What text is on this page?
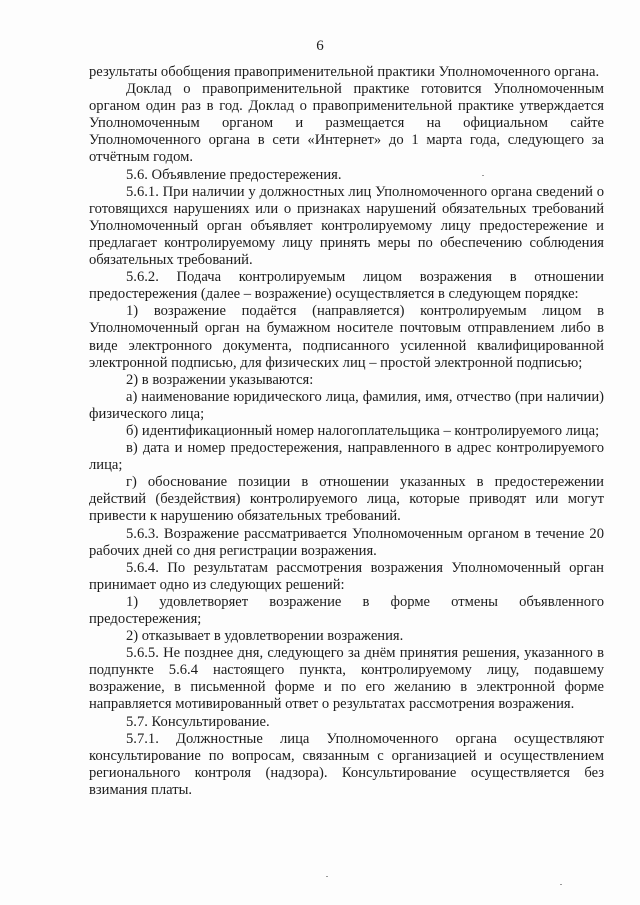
6

результаты обобщения правоприменительной практики Уполномоченного органа.

Доклад о правоприменительной практике готовится Уполномоченным органом один раз в год. Доклад о правоприменительной практике утверждается Уполномоченным органом и размещается на официальном сайте Уполномоченного органа в сети «Интернет» до 1 марта года, следующего за отчётным годом.

5.6. Объявление предостережения.

5.6.1. При наличии у должностных лиц Уполномоченного органа сведений о готовящихся нарушениях или о признаках нарушений обязательных требований Уполномоченный орган объявляет контролируемому лицу предостережение и предлагает контролируемому лицу принять меры по обеспечению соблюдения обязательных требований.

5.6.2. Подача контролируемым лицом возражения в отношении предостережения (далее – возражение) осуществляется в следующем порядке:

1) возражение подаётся (направляется) контролируемым лицом в Уполномоченный орган на бумажном носителе почтовым отправлением либо в виде электронного документа, подписанного усиленной квалифицированной электронной подписью, для физических лиц – простой электронной подписью;

2) в возражении указываются:

а) наименование юридического лица, фамилия, имя, отчество (при наличии) физического лица;

б) идентификационный номер налогоплательщика – контролируемого лица;

в) дата и номер предостережения, направленного в адрес контролируемого лица;

г) обоснование позиции в отношении указанных в предостережении действий (бездействия) контролируемого лица, которые приводят или могут привести к нарушению обязательных требований.

5.6.3. Возражение рассматривается Уполномоченным органом в течение 20 рабочих дней со дня регистрации возражения.

5.6.4. По результатам рассмотрения возражения Уполномоченный орган принимает одно из следующих решений:

1) удовлетворяет возражение в форме отмены объявленного предостережения;

2) отказывает в удовлетворении возражения.

5.6.5. Не позднее дня, следующего за днём принятия решения, указанного в подпункте 5.6.4 настоящего пункта, контролируемому лицу, подавшему возражение, в письменной форме и по его желанию в электронной форме направляется мотивированный ответ о результатах рассмотрения возражения.

5.7. Консультирование.

5.7.1. Должностные лица Уполномоченного органа осуществляют консультирование по вопросам, связанным с организацией и осуществлением регионального контроля (надзора). Консультирование осуществляется без взимания платы.
